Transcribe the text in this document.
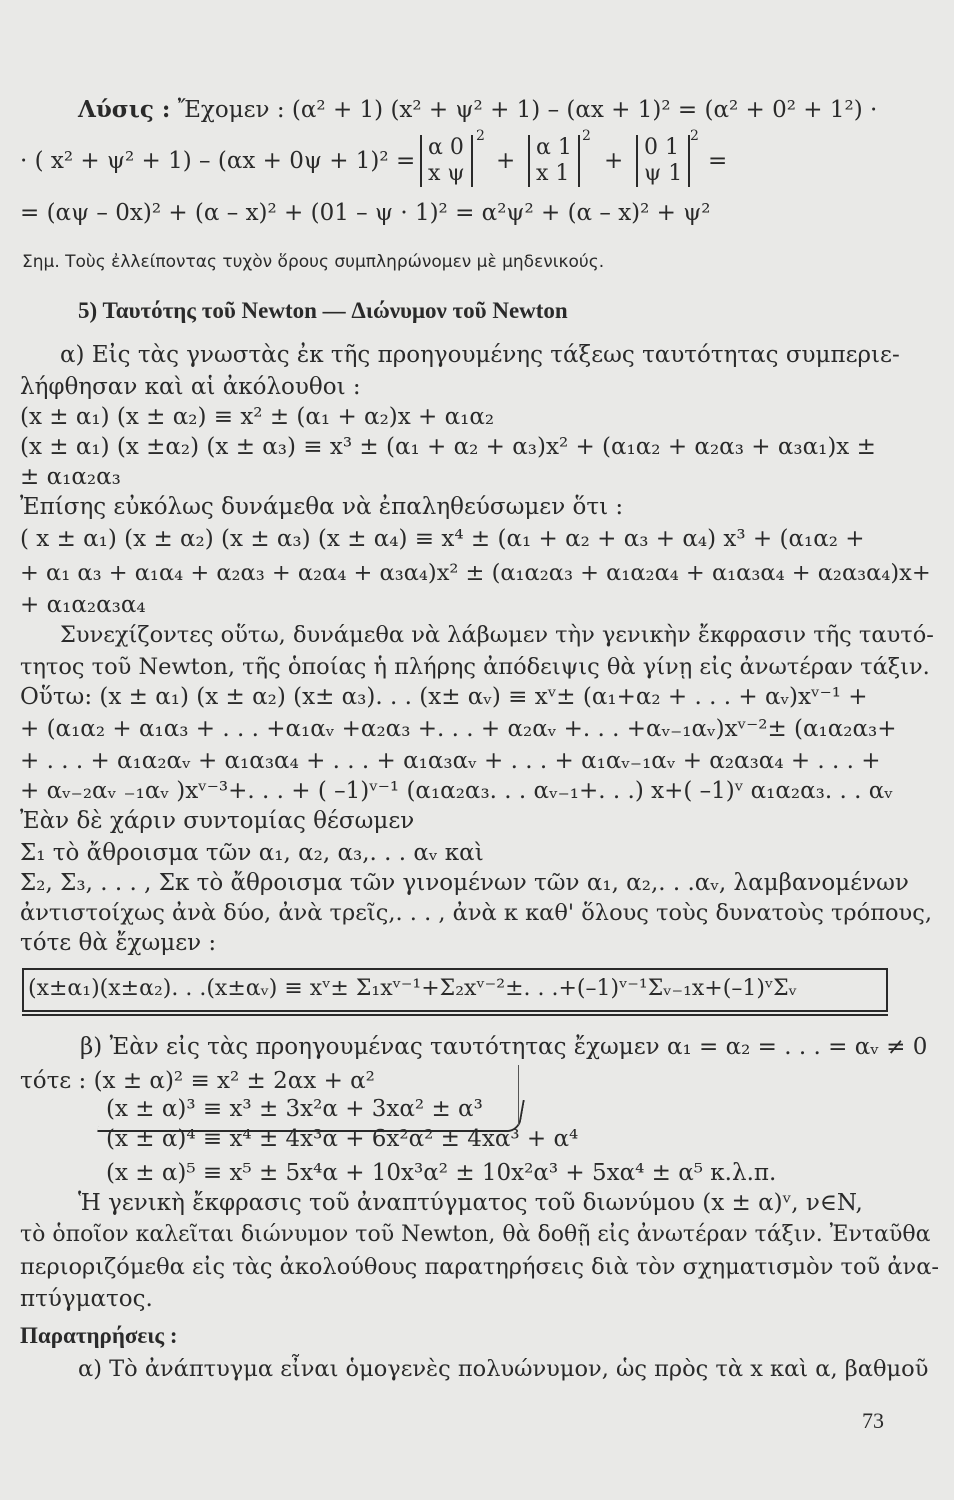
Λύσις : Ἔχομεν : (α² + 1) (x² + ψ² + 1) – (αx + 1)² = (α² + 0² + 1²) ·
· ( x² + ψ² + 1) – (αx + 0ψ + 1)² =
α 0
x ψ
2
+
α 1
x 1
2
+
0 1
ψ 1
2
=
= (αψ – 0x)² + (α – x)² + (01 – ψ · 1)² = α²ψ² + (α – x)² + ψ²
Σημ. Τοὺς ἐλλείποντας τυχὸν ὅρους συμπληρώνομεν μὲ μηδενικούς.
5) Ταυτότης τοῦ Newton — Διώνυμον τοῦ Newton
α) Εἰς τὰς γνωστὰς ἐκ τῆς προηγουμένης τάξεως ταυτότητας συμπεριε-
λήφθησαν καὶ αἱ ἀκόλουθοι :
(x ± α₁) (x ± α₂) ≡ x² ± (α₁ + α₂)x + α₁α₂
(x ± α₁) (x ±α₂) (x ± α₃) ≡ x³ ± (α₁ + α₂ + α₃)x² + (α₁α₂ + α₂α₃ + α₃α₁)x ±
± α₁α₂α₃
Ἐπίσης εὐκόλως δυνάμεθα νὰ ἐπαληθεύσωμεν ὅτι :
( x ± α₁) (x ± α₂) (x ± α₃) (x ± α₄) ≡ x⁴ ± (α₁ + α₂ + α₃ + α₄) x³ + (α₁α₂ +
+ α₁ α₃ + α₁α₄ + α₂α₃ + α₂α₄ + α₃α₄)x² ± (α₁α₂α₃ + α₁α₂α₄ + α₁α₃α₄ + α₂α₃α₄)x+
+ α₁α₂α₃α₄
Συνεχίζοντες οὕτω, δυνάμεθα νὰ λάβωμεν τὴν γενικὴν ἔκφρασιν τῆς ταυτό-
τητος τοῦ Newton, τῆς ὁποίας ἡ πλήρης ἀπόδειψις θὰ γίνῃ εἰς ἀνωτέραν τάξιν.
Οὕτω: (x ± α₁) (x ± α₂) (x± α₃). . . (x± αᵥ) ≡ xᵛ± (α₁+α₂ + . . . + αᵥ)xᵛ⁻¹ +
+ (α₁α₂ + α₁α₃ + . . . +α₁αᵥ +α₂α₃ +. . . + α₂αᵥ +. . . +αᵥ₋₁αᵥ)xᵛ⁻²± (α₁α₂α₃+
+ . . . + α₁α₂αᵥ + α₁α₃α₄ + . . . + α₁α₃αᵥ + . . . + α₁αᵥ₋₁αᵥ + α₂α₃α₄ + . . . +
+ αᵥ₋₂αᵥ ₋₁αᵥ )xᵛ⁻³+. . . + ( –1)ᵛ⁻¹ (α₁α₂α₃. . . αᵥ₋₁+. . .) x+( –1)ᵛ α₁α₂α₃. . . αᵥ
Ἐὰν δὲ χάριν συντομίας θέσωμεν
Σ₁ τὸ ἄθροισμα τῶν α₁, α₂, α₃,. . . αᵥ καὶ
Σ₂, Σ₃, . . . , Σκ τὸ ἄθροισμα τῶν γινομένων τῶν α₁, α₂,. . .αᵥ, λαμβανομένων
ἀντιστοίχως ἀνὰ δύο, ἀνὰ τρεῖς,. . . , ἀνὰ κ καθ' ὅλους τοὺς δυνατοὺς τρόπους,
τότε θὰ ἔχωμεν :
(x±α₁)(x±α₂). . .(x±αᵥ) ≡ xᵛ± Σ₁xᵛ⁻¹+Σ₂xᵛ⁻²±. . .+(–1)ᵛ⁻¹Σᵥ₋₁x+(–1)ᵛΣᵥ
β) Ἐὰν εἰς τὰς προηγουμένας ταυτότητας ἔχωμεν α₁ = α₂ = . . . = αᵥ ≠ 0
τότε : (x ± α)² ≡ x² ± 2αx + α²
(x ± α)³ ≡ x³ ± 3x²α + 3xα² ± α³
(x ± α)⁴ ≡ x⁴ ± 4x³α + 6x²α² ± 4xα³ + α⁴
(x ± α)⁵ ≡ x⁵ ± 5x⁴α + 10x³α² ± 10x²α³ + 5xα⁴ ± α⁵ κ.λ.π.
Ἡ γενικὴ ἔκφρασις τοῦ ἀναπτύγματος τοῦ διωνύμου (x ± α)ᵛ, ν∈N,
τὸ ὁποῖον καλεῖται διώνυμον τοῦ Newton, θὰ δοθῇ εἰς ἀνωτέραν τάξιν. Ἐνταῦθα
περιοριζόμεθα εἰς τὰς ἀκολούθους παρατηρήσεις διὰ τὸν σχηματισμὸν τοῦ ἀνα-
πτύγματος.
Παρατηρήσεις :
α) Τὸ ἀνάπτυγμα εἶναι ὁμογενὲς πολυώνυμον, ὡς πρὸς τὰ x καὶ α, βαθμοῦ
73
